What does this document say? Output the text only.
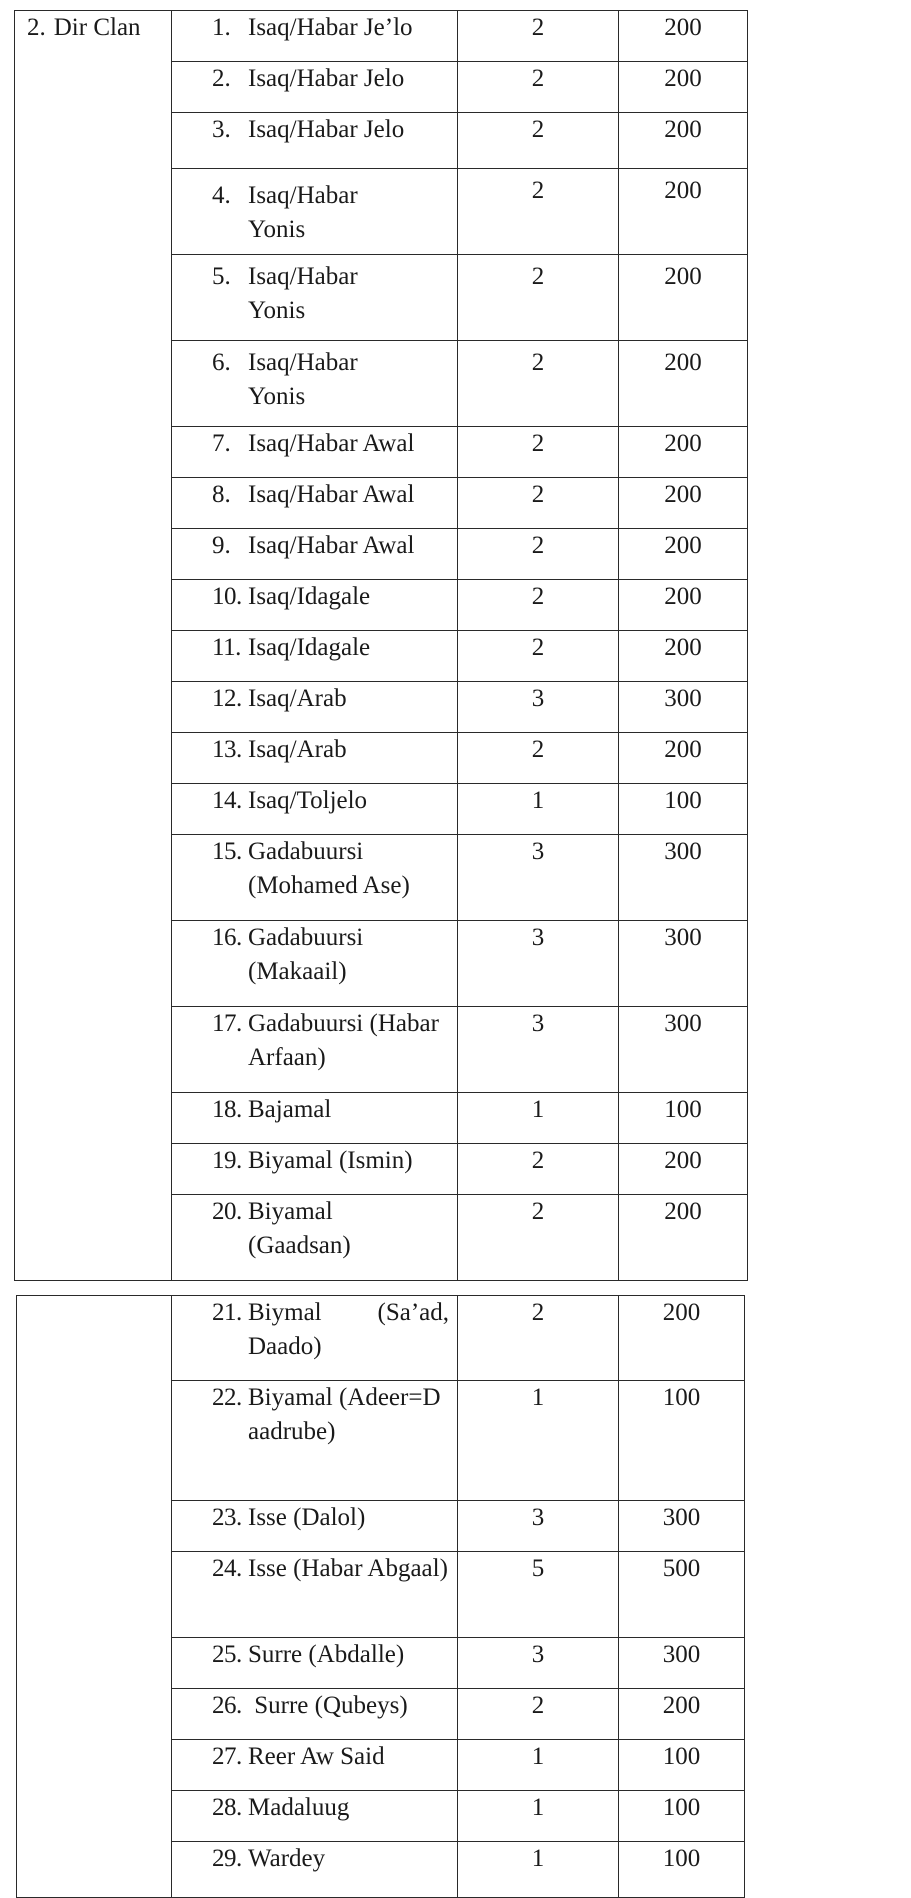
2. Dir Clan	1. Isaq/Habar Je’lo	2	200

	2. Isaq/Habar Jelo	2	200

	3. Isaq/Habar Jelo	2	200

	4. Isaq/Habar Yonis	2	200

	5. Isaq/Habar Yonis	2	200

	6. Isaq/Habar Yonis	2	200

	7. Isaq/Habar Awal	2	200

	8. Isaq/Habar Awal	2	200

	9. Isaq/Habar Awal	2	200

	10. Isaq/Idagale	2	200

	11. Isaq/Idagale	2	200

	12. Isaq/Arab	3	300

	13. Isaq/Arab	2	200

	14. Isaq/Toljelo	1	100

	15. Gadabuursi (Mohamed Ase)	3	300

	16. Gadabuursi (Makaail)	3	300

	17. Gadabuursi (Habar Arfaan)	3	300

	18. Bajamal	1	100

	19. Biyamal (Ismin)	2	200

	20. Biyamal (Gaadsan)	2	200

	21. Biymal (Sa’ad, Daado)	2	200

	22. Biyamal (Adeer=Daadrube)	1	100

	23. Isse (Dalol)	3	300

	24. Isse (Habar Abgaal)	5	500

	25. Surre (Abdalle)	3	300

	26. Surre (Qubeys)	2	200

	27. Reer Aw Said	1	100

	28. Madaluug	1	100

	29. Wardey	1	100
